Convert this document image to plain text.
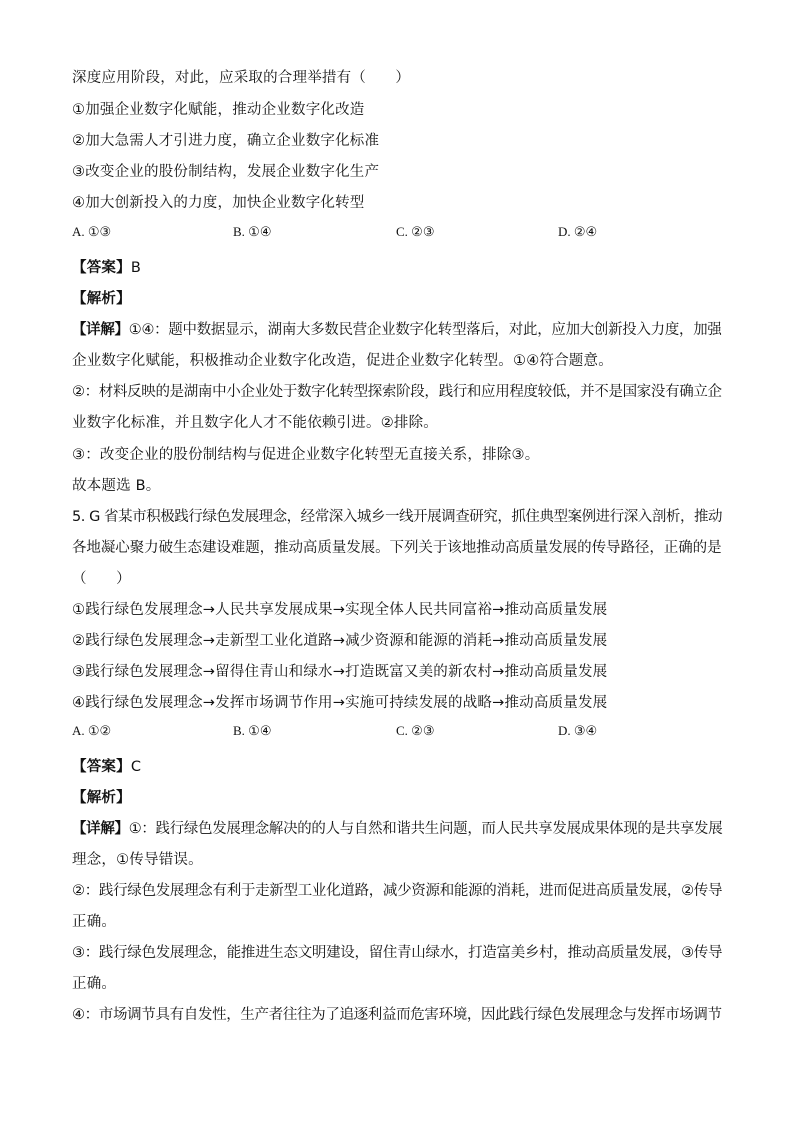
深度应用阶段，对此，应采取的合理举措有（　　）
①加强企业数字化赋能，推动企业数字化改造
②加大急需人才引进力度，确立企业数字化标准
③改变企业的股份制结构，发展企业数字化生产
④加大创新投入的力度，加快企业数字化转型
A. ①③	B. ①④	C. ②③	D. ②④
【答案】B
【解析】
【详解】①④：题中数据显示，湖南大多数民营企业数字化转型落后，对此，应加大创新投入力度，加强
企业数字化赋能，积极推动企业数字化改造，促进企业数字化转型。①④符合题意。
②：材料反映的是湖南中小企业处于数字化转型探索阶段，践行和应用程度较低，并不是国家没有确立企
业数字化标准，并且数字化人才不能依赖引进。②排除。
③：改变企业的股份制结构与促进企业数字化转型无直接关系，排除③。
故本题选 B。
5. G 省某市积极践行绿色发展理念，经常深入城乡一线开展调查研究，抓住典型案例进行深入剖析，推动
各地凝心聚力破生态建设难题，推动高质量发展。下列关于该地推动高质量发展的传导路径，正确的是
（　　）
①践行绿色发展理念→人民共享发展成果→实现全体人民共同富裕→推动高质量发展
②践行绿色发展理念→走新型工业化道路→减少资源和能源的消耗→推动高质量发展
③践行绿色发展理念→留得住青山和绿水→打造既富又美的新农村→推动高质量发展
④践行绿色发展理念→发挥市场调节作用→实施可持续发展的战略→推动高质量发展
A. ①②	B. ①④	C. ②③	D. ③④
【答案】C
【解析】
【详解】①：践行绿色发展理念解决的的人与自然和谐共生问题，而人民共享发展成果体现的是共享发展
理念，①传导错误。
②：践行绿色发展理念有利于走新型工业化道路，减少资源和能源的消耗，进而促进高质量发展，②传导
正确。
③：践行绿色发展理念，能推进生态文明建设，留住青山绿水，打造富美乡村，推动高质量发展，③传导
正确。
④：市场调节具有自发性，生产者往往为了追逐利益而危害环境，因此践行绿色发展理念与发挥市场调节
